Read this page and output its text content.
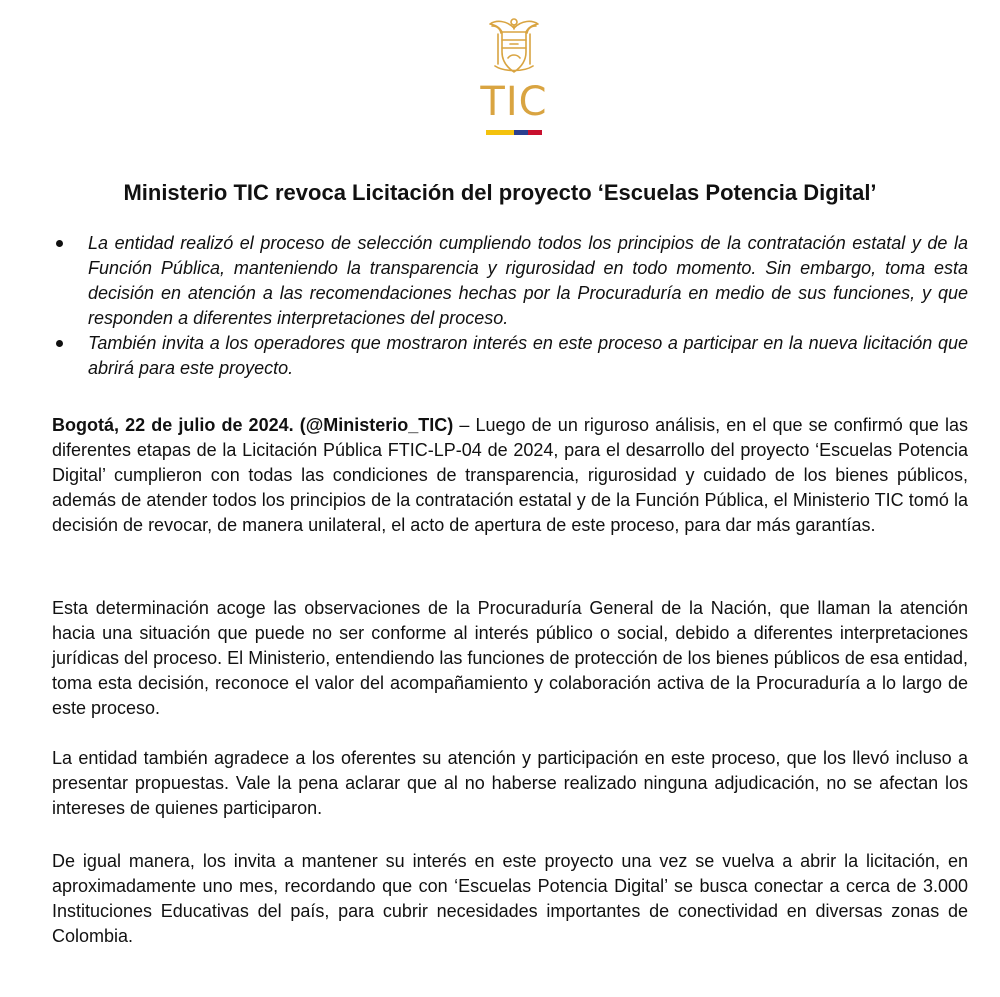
TIC
Ministerio TIC revoca Licitación del proyecto ‘Escuelas Potencia Digital’
La entidad realizó el proceso de selección cumpliendo todos los principios de la contratación estatal y de la Función Pública, manteniendo la transparencia y rigurosidad en todo momento. Sin embargo, toma esta decisión en atención a las recomendaciones hechas por la Procuraduría en medio de sus funciones, y que responden a diferentes interpretaciones del proceso.
También invita a los operadores que mostraron interés en este proceso a participar en la nueva licitación que abrirá para este proyecto.

Bogotá, 22 de julio de 2024. (@Ministerio_TIC) – Luego de un riguroso análisis, en el que se confirmó que las diferentes etapas de la Licitación Pública FTIC-LP-04 de 2024, para el desarrollo del proyecto ‘Escuelas Potencia Digital’ cumplieron con todas las condiciones de transparencia, rigurosidad y cuidado de los bienes públicos, además de atender todos los principios de la contratación estatal y de la Función Pública, el Ministerio TIC tomó la decisión de revocar, de manera unilateral, el acto de apertura de este proceso, para dar más garantías.

Esta determinación acoge las observaciones de la Procuraduría General de la Nación, que llaman la atención hacia una situación que puede no ser conforme al interés público o social, debido a diferentes interpretaciones jurídicas del proceso. El Ministerio, entendiendo las funciones de protección de los bienes públicos de esa entidad, toma esta decisión, reconoce el valor del acompañamiento y colaboración activa de la Procuraduría a lo largo de este proceso.

La entidad también agradece a los oferentes su atención y participación en este proceso, que los llevó incluso a presentar propuestas. Vale la pena aclarar que al no haberse realizado ninguna adjudicación, no se afectan los intereses de quienes participaron.

De igual manera, los invita a mantener su interés en este proyecto una vez se vuelva a abrir la licitación, en aproximadamente uno mes, recordando que con ‘Escuelas Potencia Digital’ se busca conectar a cerca de 3.000 Instituciones Educativas del país, para cubrir necesidades importantes de conectividad en diversas zonas de Colombia.
